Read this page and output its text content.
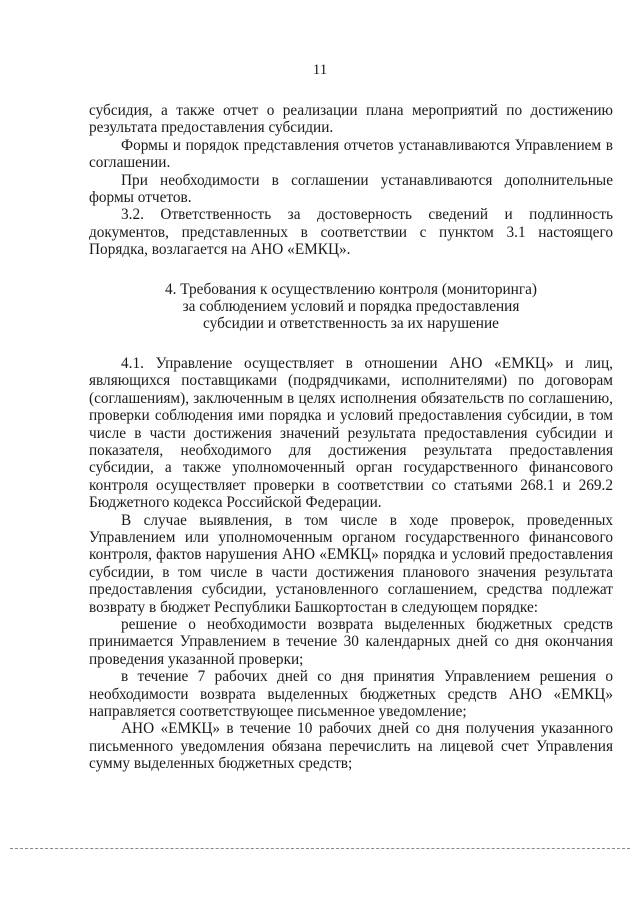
11

субсидия, а также отчет о реализации плана мероприятий по достижению результата предоставления субсидии.

Формы и порядок представления отчетов устанавливаются Управлением в соглашении.

При необходимости в соглашении устанавливаются дополнительные формы отчетов.

3.2. Ответственность за достоверность сведений и подлинность документов, представленных в соответствии с пунктом 3.1 настоящего Порядка, возлагается на АНО «ЕМКЦ».

4. Требования к осуществлению контроля (мониторинга)
за соблюдением условий и порядка предоставления
субсидии и ответственность за их нарушение

4.1. Управление осуществляет в отношении АНО «ЕМКЦ» и лиц, являющихся поставщиками (подрядчиками, исполнителями) по договорам (соглашениям), заключенным в целях исполнения обязательств по соглашению, проверки соблюдения ими порядка и условий предоставления субсидии, в том числе в части достижения значений результата предоставления субсидии и показателя, необходимого для достижения результата предоставления субсидии, а также уполномоченный орган государственного финансового контроля осуществляет проверки в соответствии со статьями 268.1 и 269.2 Бюджетного кодекса Российской Федерации.

В случае выявления, в том числе в ходе проверок, проведенных Управлением или уполномоченным органом государственного финансового контроля, фактов нарушения АНО «ЕМКЦ» порядка и условий предоставления субсидии, в том числе в части достижения планового значения результата предоставления субсидии, установленного соглашением, средства подлежат возврату в бюджет Республики Башкортостан в следующем порядке:

решение о необходимости возврата выделенных бюджетных средств принимается Управлением в течение 30 календарных дней со дня окончания проведения указанной проверки;

в течение 7 рабочих дней со дня принятия Управлением решения о необходимости возврата выделенных бюджетных средств АНО «ЕМКЦ» направляется соответствующее письменное уведомление;

АНО «ЕМКЦ» в течение 10 рабочих дней со дня получения указанного письменного уведомления обязана перечислить на лицевой счет Управления сумму выделенных бюджетных средств;
